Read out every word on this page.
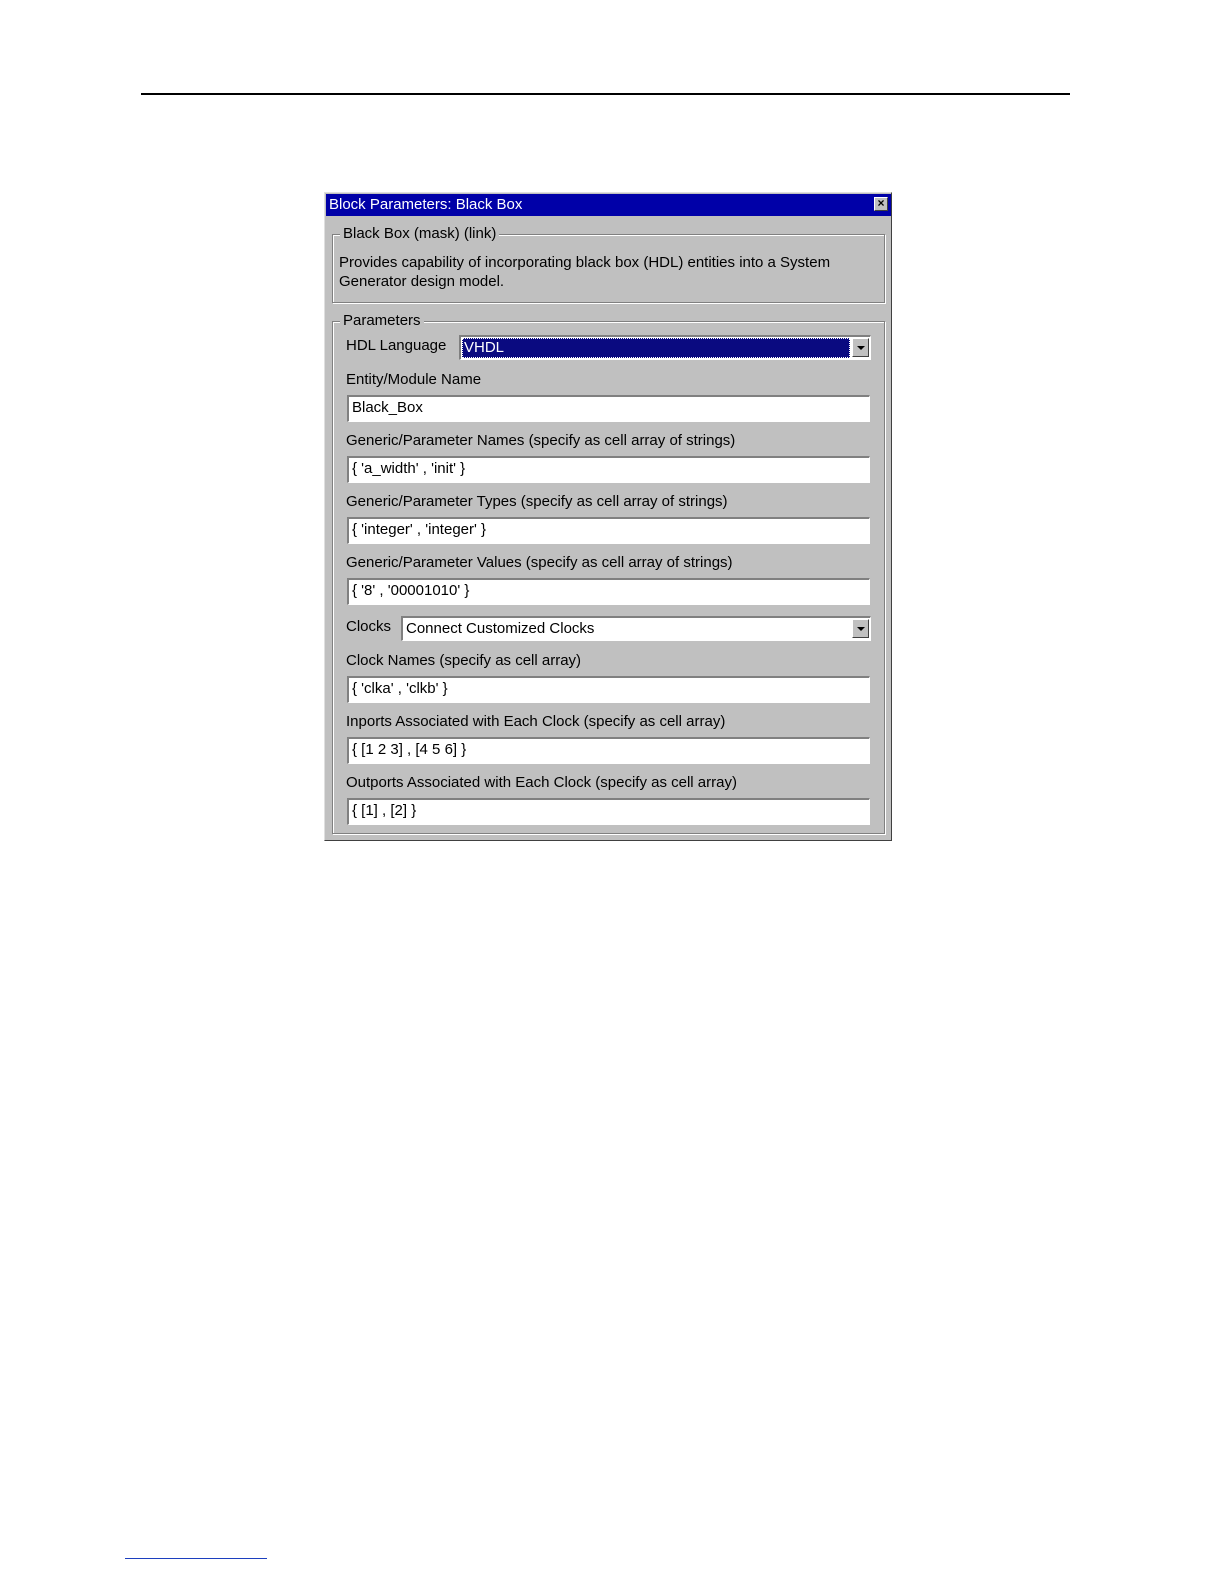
Block Parameters: Black Box	×
Black Box (mask) (link)
Provides capability of incorporating black box (HDL) entities into a System Generator design model.
Parameters
HDL Language VHDL
Entity/Module Name
Black_Box
Generic/Parameter Names (specify as cell array of strings)
{ 'a_width' , 'init' }
Generic/Parameter Types (specify as cell array of strings)
{ 'integer' , 'integer' }
Generic/Parameter Values (specify as cell array of strings)
{ '8' , '00001010' }
Clocks Connect Customized Clocks
Clock Names (specify as cell array)
{ 'clka' , 'clkb' }
Inports Associated with Each Clock (specify as cell array)
{ [1 2 3] , [4 5 6] }
Outports Associated with Each Clock (specify as cell array)
{ [1] , [2] }
